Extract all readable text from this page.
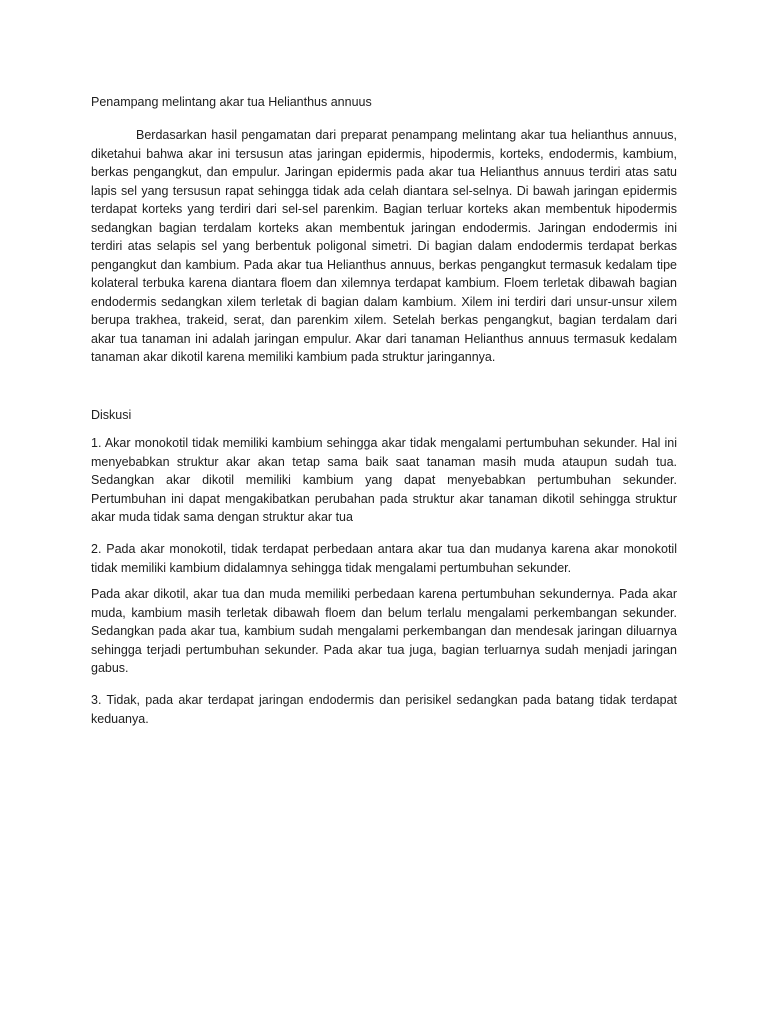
Penampang melintang akar tua Helianthus annuus

Berdasarkan hasil pengamatan dari preparat penampang melintang akar tua helianthus annuus, diketahui bahwa akar ini tersusun atas jaringan epidermis, hipodermis, korteks, endodermis, kambium, berkas pengangkut, dan empulur. Jaringan epidermis pada akar tua Helianthus annuus terdiri atas satu lapis sel yang tersusun rapat sehingga tidak ada celah diantara sel-selnya. Di bawah jaringan epidermis terdapat korteks yang terdiri dari sel-sel parenkim. Bagian terluar korteks akan membentuk hipodermis sedangkan bagian terdalam korteks akan membentuk jaringan endodermis. Jaringan endodermis ini terdiri atas selapis sel yang berbentuk poligonal simetri. Di bagian dalam endodermis terdapat berkas pengangkut dan kambium. Pada akar tua Helianthus annuus, berkas pengangkut termasuk kedalam tipe kolateral terbuka karena diantara floem dan xilemnya terdapat kambium. Floem terletak dibawah bagian endodermis sedangkan xilem terletak di bagian dalam kambium. Xilem ini terdiri dari unsur-unsur xilem berupa trakhea, trakeid, serat, dan parenkim xilem. Setelah berkas pengangkut, bagian terdalam dari akar tua tanaman ini adalah jaringan empulur. Akar dari tanaman Helianthus annuus termasuk kedalam tanaman akar dikotil karena memiliki kambium pada struktur jaringannya.

Diskusi

1. Akar monokotil tidak memiliki kambium sehingga akar tidak mengalami pertumbuhan sekunder. Hal ini menyebabkan struktur akar akan tetap sama baik saat tanaman masih muda ataupun sudah tua. Sedangkan akar dikotil memiliki kambium yang dapat menyebabkan pertumbuhan sekunder. Pertumbuhan ini dapat mengakibatkan perubahan pada struktur akar tanaman dikotil sehingga struktur akar muda tidak sama dengan struktur akar tua

2. Pada akar monokotil, tidak terdapat perbedaan antara akar tua dan mudanya karena akar monokotil tidak memiliki kambium didalamnya sehingga tidak mengalami pertumbuhan sekunder.

Pada akar dikotil, akar tua dan muda memiliki perbedaan karena pertumbuhan sekundernya. Pada akar muda, kambium masih terletak dibawah floem dan belum terlalu mengalami perkembangan sekunder. Sedangkan pada akar tua, kambium sudah mengalami perkembangan dan mendesak jaringan diluarnya sehingga terjadi pertumbuhan sekunder. Pada akar tua juga, bagian terluarnya sudah menjadi jaringan gabus.

3. Tidak, pada akar terdapat jaringan endodermis dan perisikel sedangkan pada batang tidak terdapat keduanya.
